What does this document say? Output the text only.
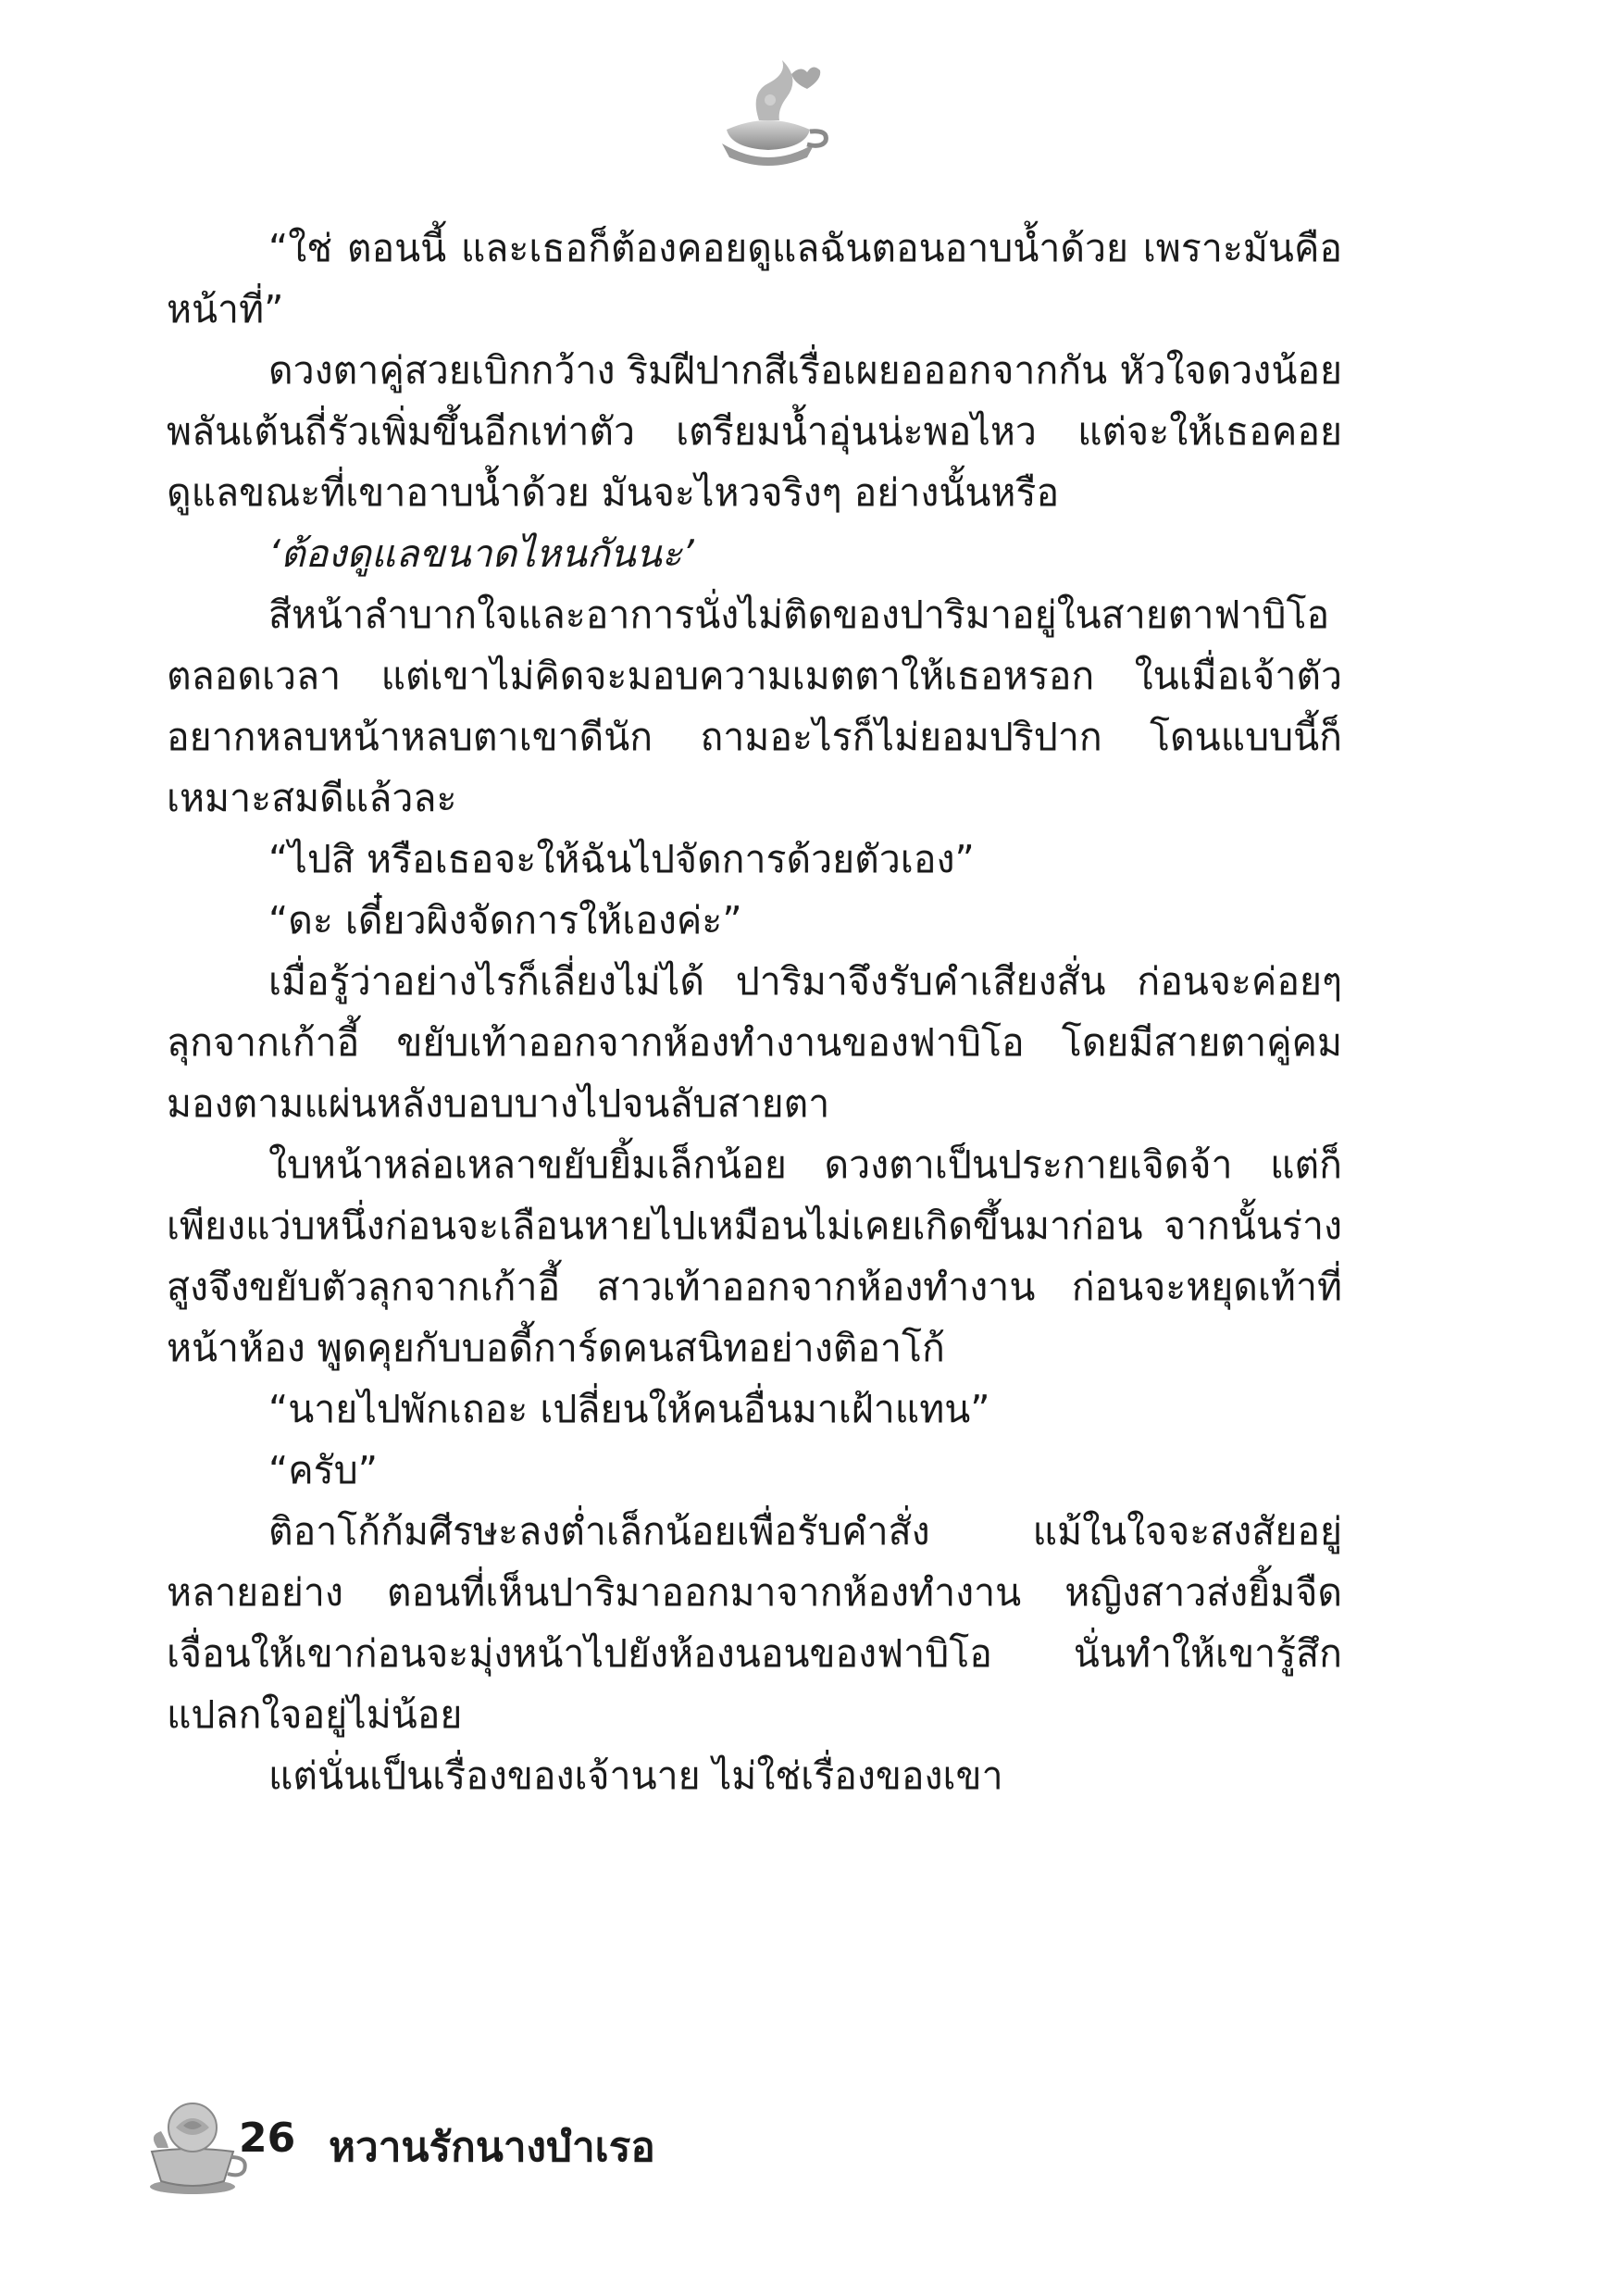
“ใช่ ตอนนี้ และเธอก็ต้องคอยดูแลฉันตอนอาบน้ำด้วย เพราะมันคือหน้าที่”

ดวงตาคู่สวยเบิกกว้าง ริมฝีปากสีเรื่อเผยอออกจากกัน หัวใจดวงน้อยพลันเต้นถี่รัวเพิ่มขึ้นอีกเท่าตัว เตรียมน้ำอุ่นน่ะพอไหว แต่จะให้เธอคอยดูแลขณะที่เขาอาบน้ำด้วย มันจะไหวจริงๆ อย่างนั้นหรือ

‘ต้องดูแลขนาดไหนกันนะ’

สีหน้าลำบากใจและอาการนั่งไม่ติดของปาริมาอยู่ในสายตาฟาบิโอตลอดเวลา แต่เขาไม่คิดจะมอบความเมตตาให้เธอหรอก ในเมื่อเจ้าตัวอยากหลบหน้าหลบตาเขาดีนัก ถามอะไรก็ไม่ยอมปริปาก โดนแบบนี้ก็เหมาะสมดีแล้วละ

“ไปสิ หรือเธอจะให้ฉันไปจัดการด้วยตัวเอง”

“ดะ เดี๋ยวผิงจัดการให้เองค่ะ”

เมื่อรู้ว่าอย่างไรก็เลี่ยงไม่ได้ ปาริมาจึงรับคำเสียงสั่น ก่อนจะค่อยๆ ลุกจากเก้าอี้ ขยับเท้าออกจากห้องทำงานของฟาบิโอ โดยมีสายตาคู่คมมองตามแผ่นหลังบอบบางไปจนลับสายตา

ใบหน้าหล่อเหลาขยับยิ้มเล็กน้อย ดวงตาเป็นประกายเจิดจ้า แต่ก็เพียงแว่บหนึ่งก่อนจะเลือนหายไปเหมือนไม่เคยเกิดขึ้นมาก่อน จากนั้นร่างสูงจึงขยับตัวลุกจากเก้าอี้ สาวเท้าออกจากห้องทำงาน ก่อนจะหยุดเท้าที่หน้าห้อง พูดคุยกับบอดี้การ์ดคนสนิทอย่างติอาโก้

“นายไปพักเถอะ เปลี่ยนให้คนอื่นมาเฝ้าแทน”

“ครับ”

ติอาโก้ก้มศีรษะลงต่ำเล็กน้อยเพื่อรับคำสั่ง แม้ในใจจะสงสัยอยู่หลายอย่าง ตอนที่เห็นปาริมาออกมาจากห้องทำงาน หญิงสาวส่งยิ้มจืดเจื่อนให้เขาก่อนจะมุ่งหน้าไปยังห้องนอนของฟาบิโอ นั่นทำให้เขารู้สึกแปลกใจอยู่ไม่น้อย

แต่นั่นเป็นเรื่องของเจ้านาย ไม่ใช่เรื่องของเขา

26 หวานรักนางบำเรอ
